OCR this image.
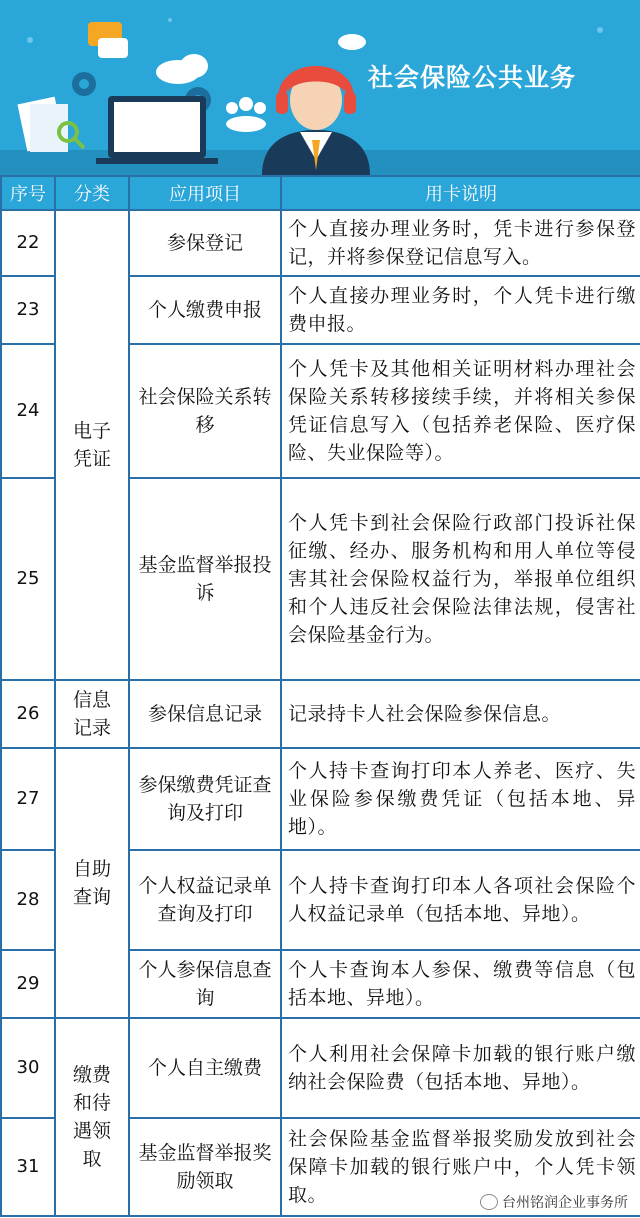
社会保险公共业务
序号	分类	应用项目	用卡说明
22	电子凭证	参保登记	个人直接办理业务时，凭卡进行参保登记，并将参保登记信息写入。
23		个人缴费申报	个人直接办理业务时，个人凭卡进行缴费申报。
24		社会保险关系转移	个人凭卡及其他相关证明材料办理社会保险关系转移接续手续，并将相关参保凭证信息写入（包括养老保险、医疗保险、失业保险等）。
25		基金监督举报投诉	个人凭卡到社会保险行政部门投诉社保征缴、经办、服务机构和用人单位等侵害其社会保险权益行为，举报单位组织和个人违反社会保险法律法规，侵害社会保险基金行为。
26	信息记录	参保信息记录	记录持卡人社会保险参保信息。
27	自助查询	参保缴费凭证查询及打印	个人持卡查询打印本人养老、医疗、失业保险参保缴费凭证（包括本地、异地）。
28		个人权益记录单查询及打印	个人持卡查询打印本人各项社会保险个人权益记录单（包括本地、异地）。
29		个人参保信息查询	个人卡查询本人参保、缴费等信息（包括本地、异地）。
30	缴费和待遇领取	个人自主缴费	个人利用社会保障卡加载的银行账户缴纳社会保险费（包括本地、异地）。
31		基金监督举报奖励领取	社会保险基金监督举报奖励发放到社会保障卡加载的银行账户中，个人凭卡领取。	台州铭润企业事务所
